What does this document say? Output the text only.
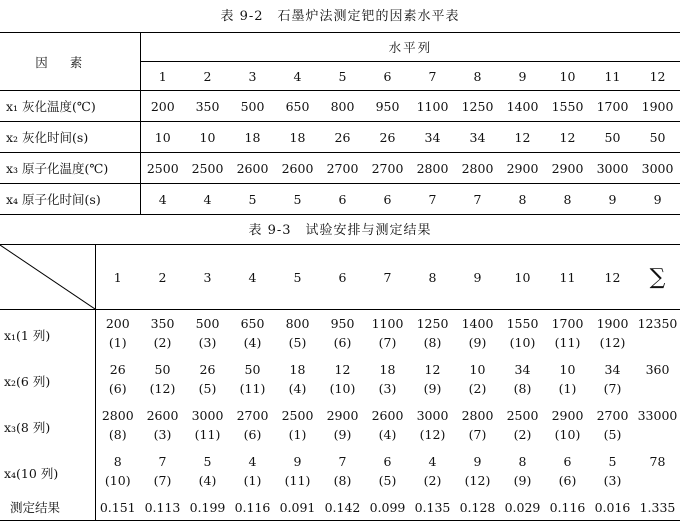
表 9-2　石墨炉法测定钯的因素水平表
因素	水平列											
	1	2	3	4	5	6	7	8	9	10	11	12
x₁ 灰化温度(℃)	200	350	500	650	800	950	1100	1250	1400	1550	1700	1900
x₂ 灰化时间(s)	10	10	18	18	26	26	34	34	12	12	50	50
x₃ 原子化温度(℃)	2500	2500	2600	2600	2700	2700	2800	2800	2900	2900	3000	3000
x₄ 原子化时间(s)	4	4	5	5	6	6	7	7	8	8	9	9
表 9-3　试验安排与测定结果
	1	2	3	4	5	6	7	8	9	10	11	12	∑
x₁(1 列)	200	350	500	650	800	950	1100	1250	1400	1550	1700	1900	12350
	(1)	(2)	(3)	(4)	(5)	(6)	(7)	(8)	(9)	(10)	(11)	(12)	
x₂(6 列)	26	50	26	50	18	12	18	12	10	34	10	34	360
	(6)	(12)	(5)	(11)	(4)	(10)	(3)	(9)	(2)	(8)	(1)	(7)	
x₃(8 列)	2800	2600	3000	2700	2500	2900	2600	3000	2800	2500	2900	2700	33000
	(8)	(3)	(11)	(6)	(1)	(9)	(4)	(12)	(7)	(2)	(10)	(5)	
x₄(10 列)	8	7	5	4	9	7	6	4	9	8	6	5	78
	(10)	(7)	(4)	(1)	(11)	(8)	(5)	(2)	(12)	(9)	(6)	(3)	
测定结果	0.151	0.113	0.199	0.116	0.091	0.142	0.099	0.135	0.128	0.029	0.116	0.016	1.335
